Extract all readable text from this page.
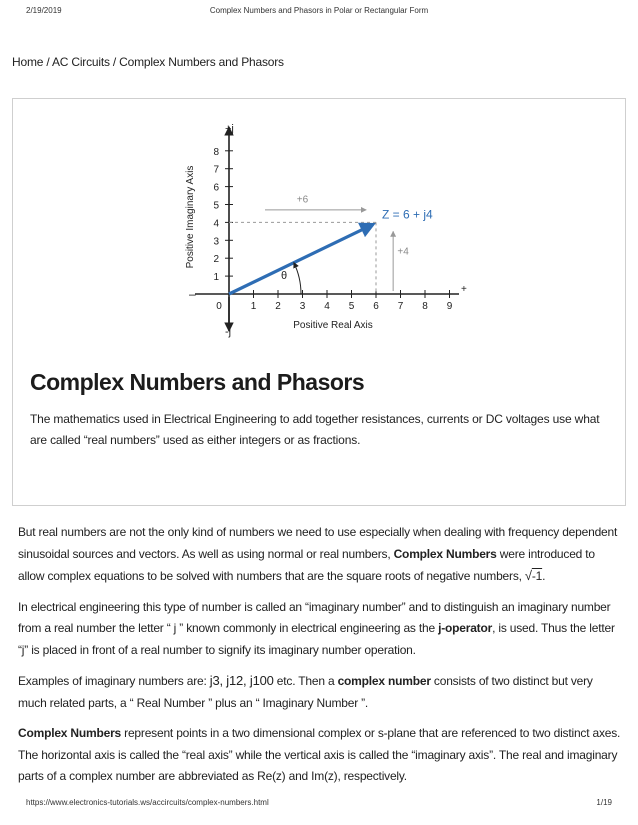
2/19/2019	Complex Numbers and Phasors in Polar or Rectangular Form
Home / AC Circuits / Complex Numbers and Phasors
0	1 2 3 4 5 6 7 8 9
1
2
3
4
5
6
7
8
+j
-j
–	+
Positive Real Axis
Positive Imaginary Axis	+6
+4
Z = 6 + j4
θ
Complex Numbers and Phasors
The mathematics used in Electrical Engineering to add together resistances, currents or DC voltages use what are called “real numbers” used as either integers or as fractions.

But real numbers are not the only kind of numbers we need to use especially when dealing with frequency dependent sinusoidal sources and vectors. As well as using normal or real numbers, Complex Numbers were introduced to allow complex equations to be solved with numbers that are the square roots of negative numbers, √-1.

In electrical engineering this type of number is called an “imaginary number” and to distinguish an imaginary number from a real number the letter “ j ” known commonly in electrical engineering as the j-operator, is used. Thus the letter “j” is placed in front of a real number to signify its imaginary number operation.

Examples of imaginary numbers are: j3, j12, j100 etc. Then a complex number consists of two distinct but very much related parts, a “ Real Number ” plus an “ Imaginary Number ”.

Complex Numbers represent points in a two dimensional complex or s-plane that are referenced to two distinct axes. The horizontal axis is called the “real axis” while the vertical axis is called the “imaginary axis”. The real and imaginary parts of a complex number are abbreviated as Re(z) and Im(z), respectively.

https://www.electronics-tutorials.ws/accircuits/complex-numbers.html	1/19
